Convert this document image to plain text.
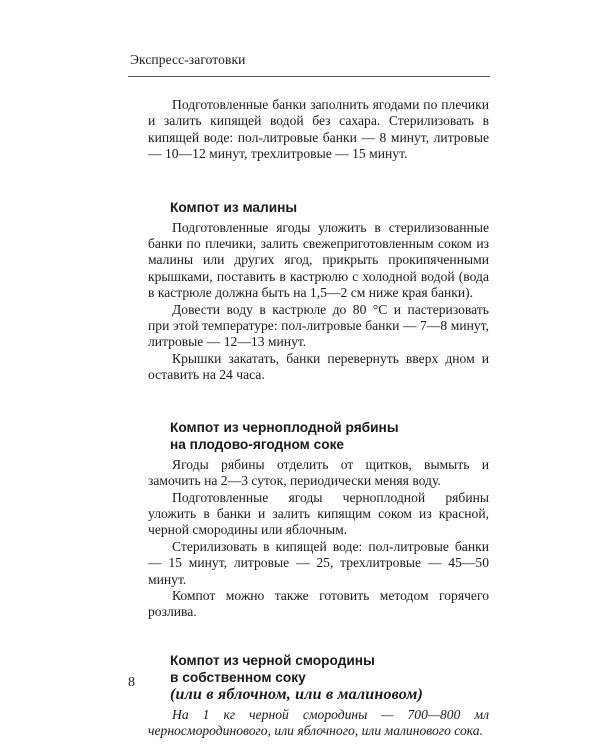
Экспресс-заготовки

Подготовленные банки заполнить ягодами по плечики и залить кипящей водой без сахара. Стерилизовать в кипящей воде: пол-литровые банки — 8 минут, литровые — 10—12 минут, трехлитровые — 15 минут.

Компот из малины

Подготовленные ягоды уложить в стерилизованные банки по плечики, залить свежеприготовленным соком из малины или других ягод, прикрыть прокипяченными крышками, поставить в кастрюлю с холодной водой (вода в кастрюле должна быть на 1,5—2 см ниже края банки).

Довести воду в кастрюле до 80 °С и пастеризовать при этой температуре: пол-литровые банки — 7—8 минут, литровые — 12—13 минут.

Крышки закатать, банки перевернуть вверх дном и оставить на 24 часа.

Компот из черноплодной рябины
на плодово-ягодном соке

Ягоды рябины отделить от щитков, вымыть и замочить на 2—3 суток, периодически меняя воду.

Подготовленные ягоды черноплодной рябины уложить в банки и залить кипящим соком из красной, черной смородины или яблочным.

Стерилизовать в кипящей воде: пол-литровые банки — 15 минут, литровые — 25, трехлитровые — 45—50 минут.

Компот можно также готовить методом горячего розлива.

Компот из черной смородины
в собственном соку
(или в яблочном, или в малиновом)

На 1 кг черной смородины — 700—800 мл черносмородинового, или яблочного, или малинового сока.

8
